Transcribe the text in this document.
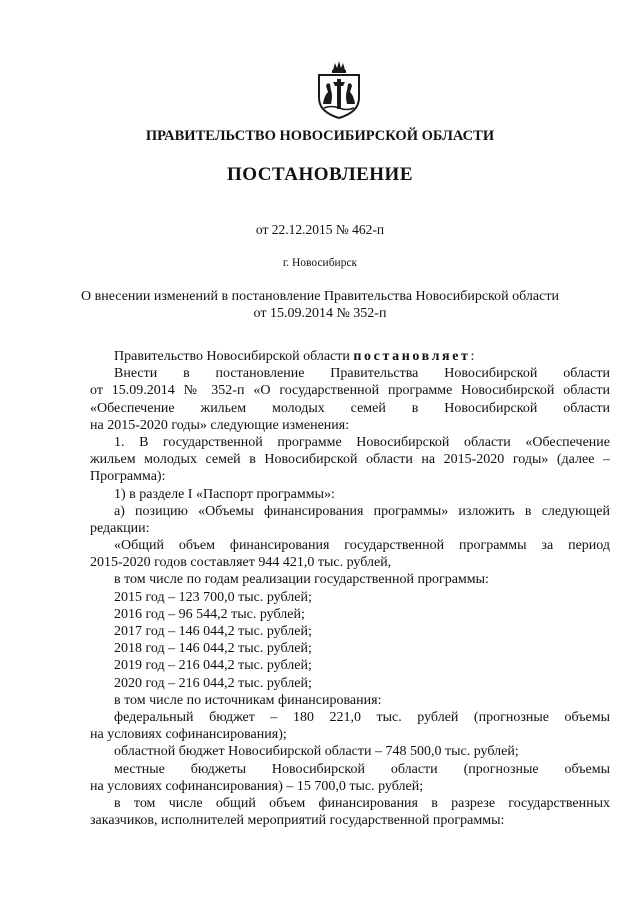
ПРАВИТЕЛЬСТВО НОВОСИБИРСКОЙ ОБЛАСТИ
ПОСТАНОВЛЕНИЕ
от 22.12.2015 № 462-п
г. Новосибирск
О внесении изменений в постановление Правительства Новосибирской области
от 15.09.2014 № 352-п
Правительство Новосибирской области постановляет:
Внести в постановление Правительства Новосибирской области
от 15.09.2014 № 352-п «О государственной программе Новосибирской области
«Обеспечение жильем молодых семей в Новосибирской области
на 2015-2020 годы» следующие изменения:
1. В государственной программе Новосибирской области «Обеспечение
жильем молодых семей в Новосибирской области на 2015-2020 годы» (далее –
Программа):
1) в разделе I «Паспорт программы»:
а) позицию «Объемы финансирования программы» изложить в следующей
редакции:
«Общий объем финансирования государственной программы за период
2015-2020 годов составляет 944 421,0 тыс. рублей,
в том числе по годам реализации государственной программы:
2015 год – 123 700,0 тыс. рублей;
2016 год – 96 544,2 тыс. рублей;
2017 год – 146 044,2 тыс. рублей;
2018 год – 146 044,2 тыс. рублей;
2019 год – 216 044,2 тыс. рублей;
2020 год – 216 044,2 тыс. рублей;
в том числе по источникам финансирования:
федеральный бюджет – 180 221,0 тыс. рублей (прогнозные объемы
на условиях софинансирования);
областной бюджет Новосибирской области – 748 500,0 тыс. рублей;
местные бюджеты Новосибирской области (прогнозные объемы
на условиях софинансирования) – 15 700,0 тыс. рублей;
в том числе общий объем финансирования в разрезе государственных
заказчиков, исполнителей мероприятий государственной программы:
